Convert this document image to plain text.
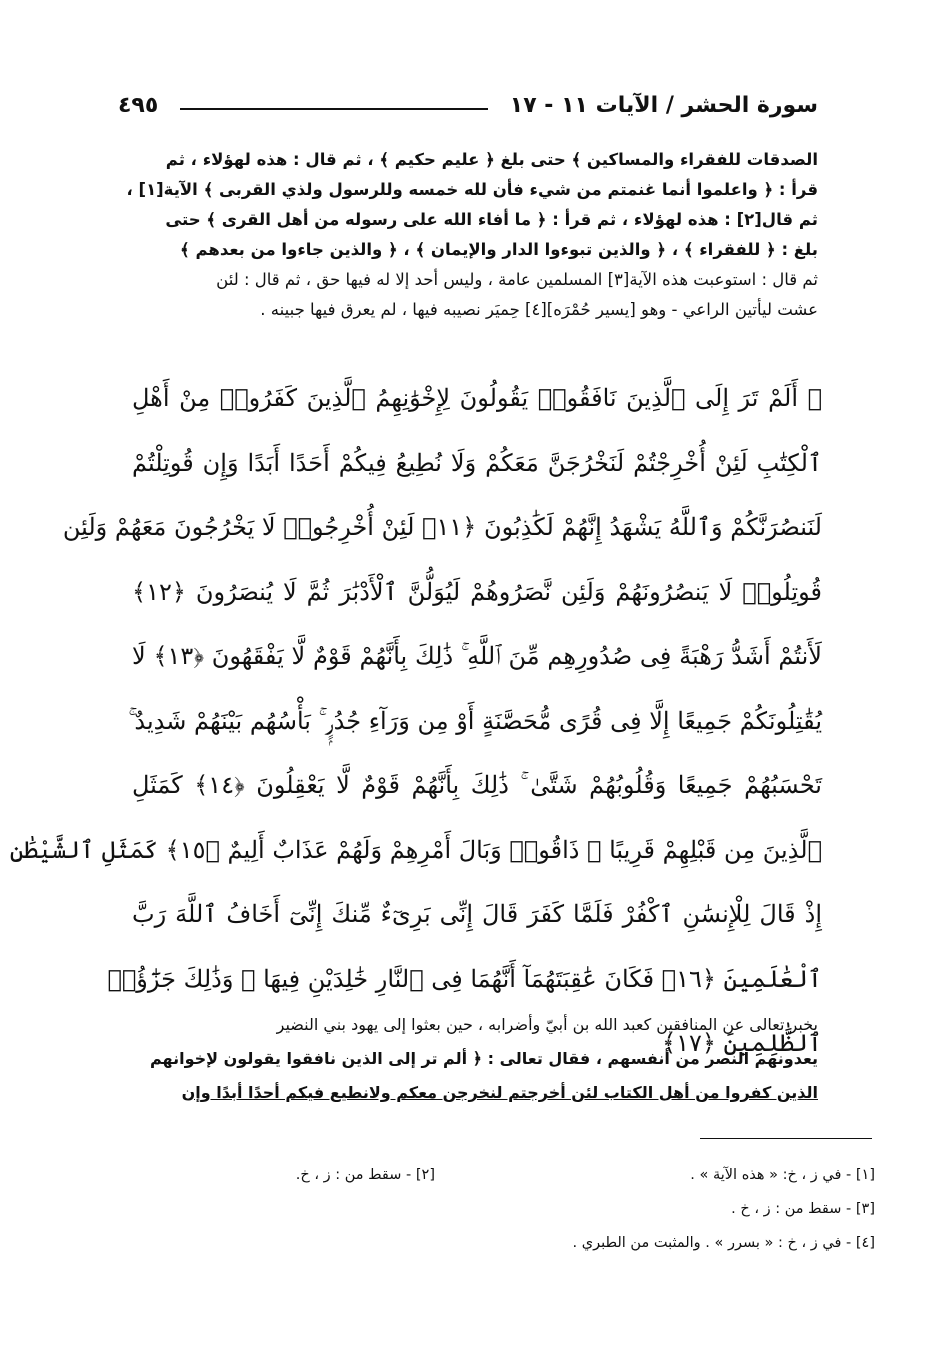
سورة الحشر / الآيات ١١ - ١٧
٤٩٥

الصدقات للفقراء والمساكين ﴾ حتى بلغ ﴿ عليم حكيم ﴾ ، ثم قال : هذه لهؤلاء ، ثم

قرأ : ﴿ واعلموا أنما غنمتم من شيء فأن لله خمسه وللرسول ولذي القربى ﴾ الآية[١] ،

ثم قال[٢] : هذه لهؤلاء ، ثم قرأ : ﴿ ما أفاء الله على رسوله من أهل القرى ﴾ حتى

بلغ : ﴿ للفقراء ﴾ ، ﴿ والذين تبوءوا الدار والإيمان ﴾ ، ﴿ والذين جاءوا من بعدهم ﴾

ثم قال : استوعبت هذه الآية[٣] المسلمين عامة ، وليس أحد إلا له فيها حق ، ثم قال : لئن

عشت ليأتين الراعي - وهو [يسير حُمْرَه][٤] حِميَر نصيبه فيها ، لم يعرق فيها جبينه .

۞ أَلَمْ تَرَ إِلَى ٱلَّذِينَ نَافَقُوا۟ يَقُولُونَ لِإِخْوَٰنِهِمُ ٱلَّذِينَ كَفَرُوا۟ مِنْ أَهْلِ

ٱلْكِتَٰبِ لَئِنْ أُخْرِجْتُمْ لَنَخْرُجَنَّ مَعَكُمْ وَلَا نُطِيعُ فِيكُمْ أَحَدًا أَبَدًا وَإِن قُوتِلْتُمْ

لَنَنصُرَنَّكُمْ وَٱللَّهُ يَشْهَدُ إِنَّهُمْ لَكَٰذِبُونَ ﴿١١﴾ لَئِنْ أُخْرِجُوا۟ لَا يَخْرُجُونَ مَعَهُمْ وَلَئِن

قُوتِلُوا۟ لَا يَنصُرُونَهُمْ وَلَئِن نَّصَرُوهُمْ لَيُوَلُّنَّ ٱلْأَدْبَٰرَ ثُمَّ لَا يُنصَرُونَ ﴿١٢﴾

لَأَنتُمْ أَشَدُّ رَهْبَةً فِى صُدُورِهِم مِّنَ ٱللَّهِ ۚ ذَٰلِكَ بِأَنَّهُمْ قَوْمٌ لَّا يَفْقَهُونَ ﴿١٣﴾ لَا

يُقَٰتِلُونَكُمْ جَمِيعًا إِلَّا فِى قُرًى مُّحَصَّنَةٍ أَوْ مِن وَرَآءِ جُدُرٍۭ ۚ بَأْسُهُم بَيْنَهُمْ شَدِيدٌ ۚ

تَحْسَبُهُمْ جَمِيعًا وَقُلُوبُهُمْ شَتَّىٰ ۚ ذَٰلِكَ بِأَنَّهُمْ قَوْمٌ لَّا يَعْقِلُونَ ﴿١٤﴾ كَمَثَلِ

ٱلَّذِينَ مِن قَبْلِهِمْ قَرِيبًا ۖ ذَاقُوا۟ وَبَالَ أَمْرِهِمْ وَلَهُمْ عَذَابٌ أَلِيمٌ ﴿١٥﴾ كَمَثَلِ ٱلشَّيْطَٰنِ

إِذْ قَالَ لِلْإِنسَٰنِ ٱكْفُرْ فَلَمَّا كَفَرَ قَالَ إِنِّى بَرِىٓءٌ مِّنكَ إِنِّىٓ أَخَافُ ٱللَّهَ رَبَّ

ٱلْعَٰلَمِينَ ﴿١٦﴾ فَكَانَ عَٰقِبَتَهُمَآ أَنَّهُمَا فِى ٱلنَّارِ خَٰلِدَيْنِ فِيهَا ۚ وَذَٰلِكَ جَزَٰٓؤُا۟

ٱلظَّٰلِمِينَ ﴿١٧﴾

يخبر تعالى عن المنافقين كعبد الله بن أبيّ وأضرابه ، حين بعثوا إلى يهود بني النضير

يعدونهم النصر من أنفسهم ، فقال تعالى : ﴿ ألم تر إلى الذين نافقوا يقولون لإخوانهم

الذين كفروا من أهل الكتاب لئن أخرجتم لنخرجن معكم ولانطيع فيكم أحدًا أبدًا وإن

[١] - في ز ، خ: « هذه الآية » .
[٢] - سقط من : ز ، خ.
[٣] - سقط من : ز ، خ .
[٤] - في ز ، خ : « بسرر » . والمثبت من الطبري .
